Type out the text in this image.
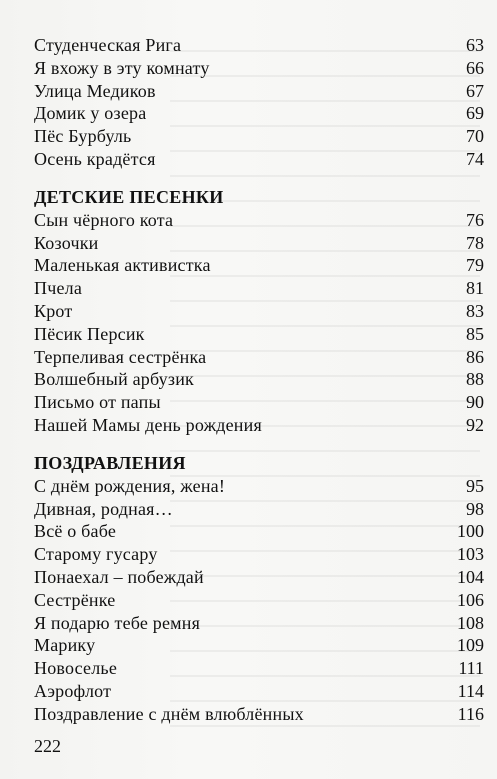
Студенческая Рига	63
Я вхожу в эту комнату	66
Улица Медиков	67
Домик у озера	69
Пёс Бурбуль	70
Осень крадётся	74
ДЕТСКИЕ ПЕСЕНКИ
Сын чёрного кота	76
Козочки	78
Маленькая активистка	79
Пчела	81
Крот	83
Пёсик Персик	85
Терпеливая сестрёнка	86
Волшебный арбузик	88
Письмо от папы	90
Нашей Мамы день рождения	92
ПОЗДРАВЛЕНИЯ
С днём рождения, жена!	95
Дивная, родная…	98
Всё о бабе	100
Старому гусару	103
Понаехал – побеждай	104
Сестрёнке	106
Я подарю тебе ремня	108
Марику	109
Новоселье	111
Аэрофлот	114
Поздравление с днём влюблённых	116
222
